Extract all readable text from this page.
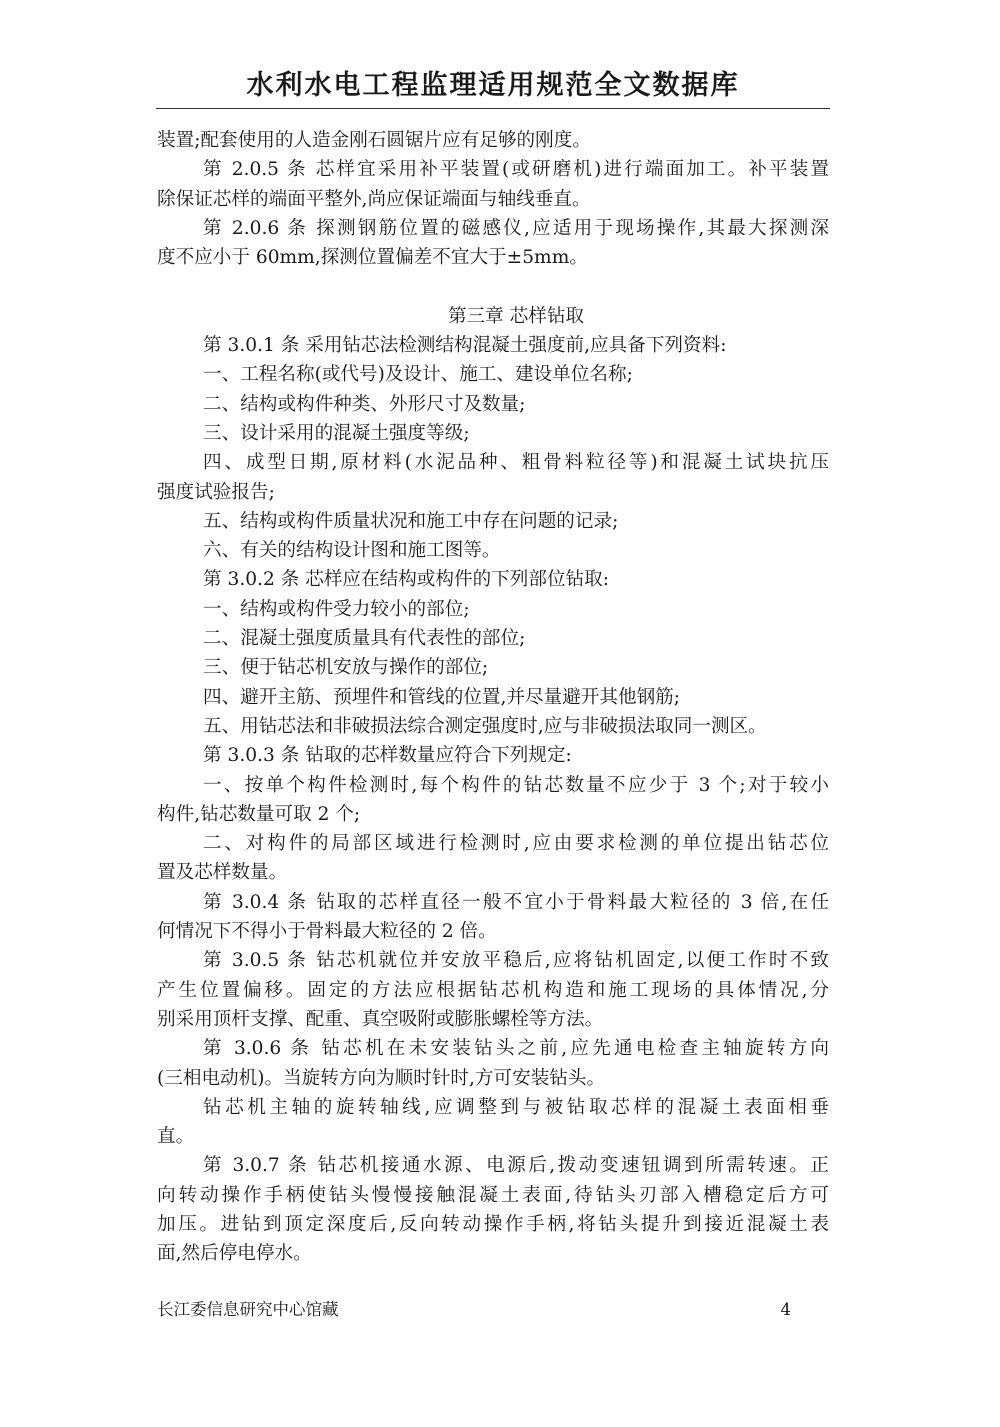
水利水电工程监理适用规范全文数据库
装置;配套使用的人造金刚石圆锯片应有足够的刚度。
第 2.0.5 条 芯样宜采用补平装置(或研磨机)进行端面加工。补平装置
除保证芯样的端面平整外,尚应保证端面与轴线垂直。
第 2.0.6 条 探测钢筋位置的磁感仪,应适用于现场操作,其最大探测深
度不应小于 60mm,探测位置偏差不宜大于±5mm。
第三章 芯样钻取
第 3.0.1 条 采用钻芯法检测结构混凝土强度前,应具备下列资料:
一、工程名称(或代号)及设计、施工、建设单位名称;
二、结构或构件种类、外形尺寸及数量;
三、设计采用的混凝土强度等级;
四、成型日期,原材料(水泥品种、粗骨料粒径等)和混凝土试块抗压
强度试验报告;
五、结构或构件质量状况和施工中存在问题的记录;
六、有关的结构设计图和施工图等。
第 3.0.2 条 芯样应在结构或构件的下列部位钻取:
一、结构或构件受力较小的部位;
二、混凝土强度质量具有代表性的部位;
三、便于钻芯机安放与操作的部位;
四、避开主筋、预埋件和管线的位置,并尽量避开其他钢筋;
五、用钻芯法和非破损法综合测定强度时,应与非破损法取同一测区。
第 3.0.3 条 钻取的芯样数量应符合下列规定:
一、按单个构件检测时,每个构件的钻芯数量不应少于 3 个;对于较小
构件,钻芯数量可取 2 个;
二、对构件的局部区域进行检测时,应由要求检测的单位提出钻芯位
置及芯样数量。
第 3.0.4 条 钻取的芯样直径一般不宜小于骨料最大粒径的 3 倍,在任
何情况下不得小于骨料最大粒径的 2 倍。
第 3.0.5 条 钻芯机就位并安放平稳后,应将钻机固定,以便工作时不致
产生位置偏移。固定的方法应根据钻芯机构造和施工现场的具体情况,分
别采用顶杆支撑、配重、真空吸附或膨胀螺栓等方法。
第 3.0.6 条 钻芯机在未安装钻头之前,应先通电检查主轴旋转方向
(三相电动机)。当旋转方向为顺时针时,方可安装钻头。
钻芯机主轴的旋转轴线,应调整到与被钻取芯样的混凝土表面相垂
直。
第 3.0.7 条 钻芯机接通水源、电源后,拨动变速钮调到所需转速。正
向转动操作手柄使钻头慢慢接触混凝土表面,待钻头刃部入槽稳定后方可
加压。进钻到顶定深度后,反向转动操作手柄,将钻头提升到接近混凝土表
面,然后停电停水。
长江委信息研究中心馆藏	4
